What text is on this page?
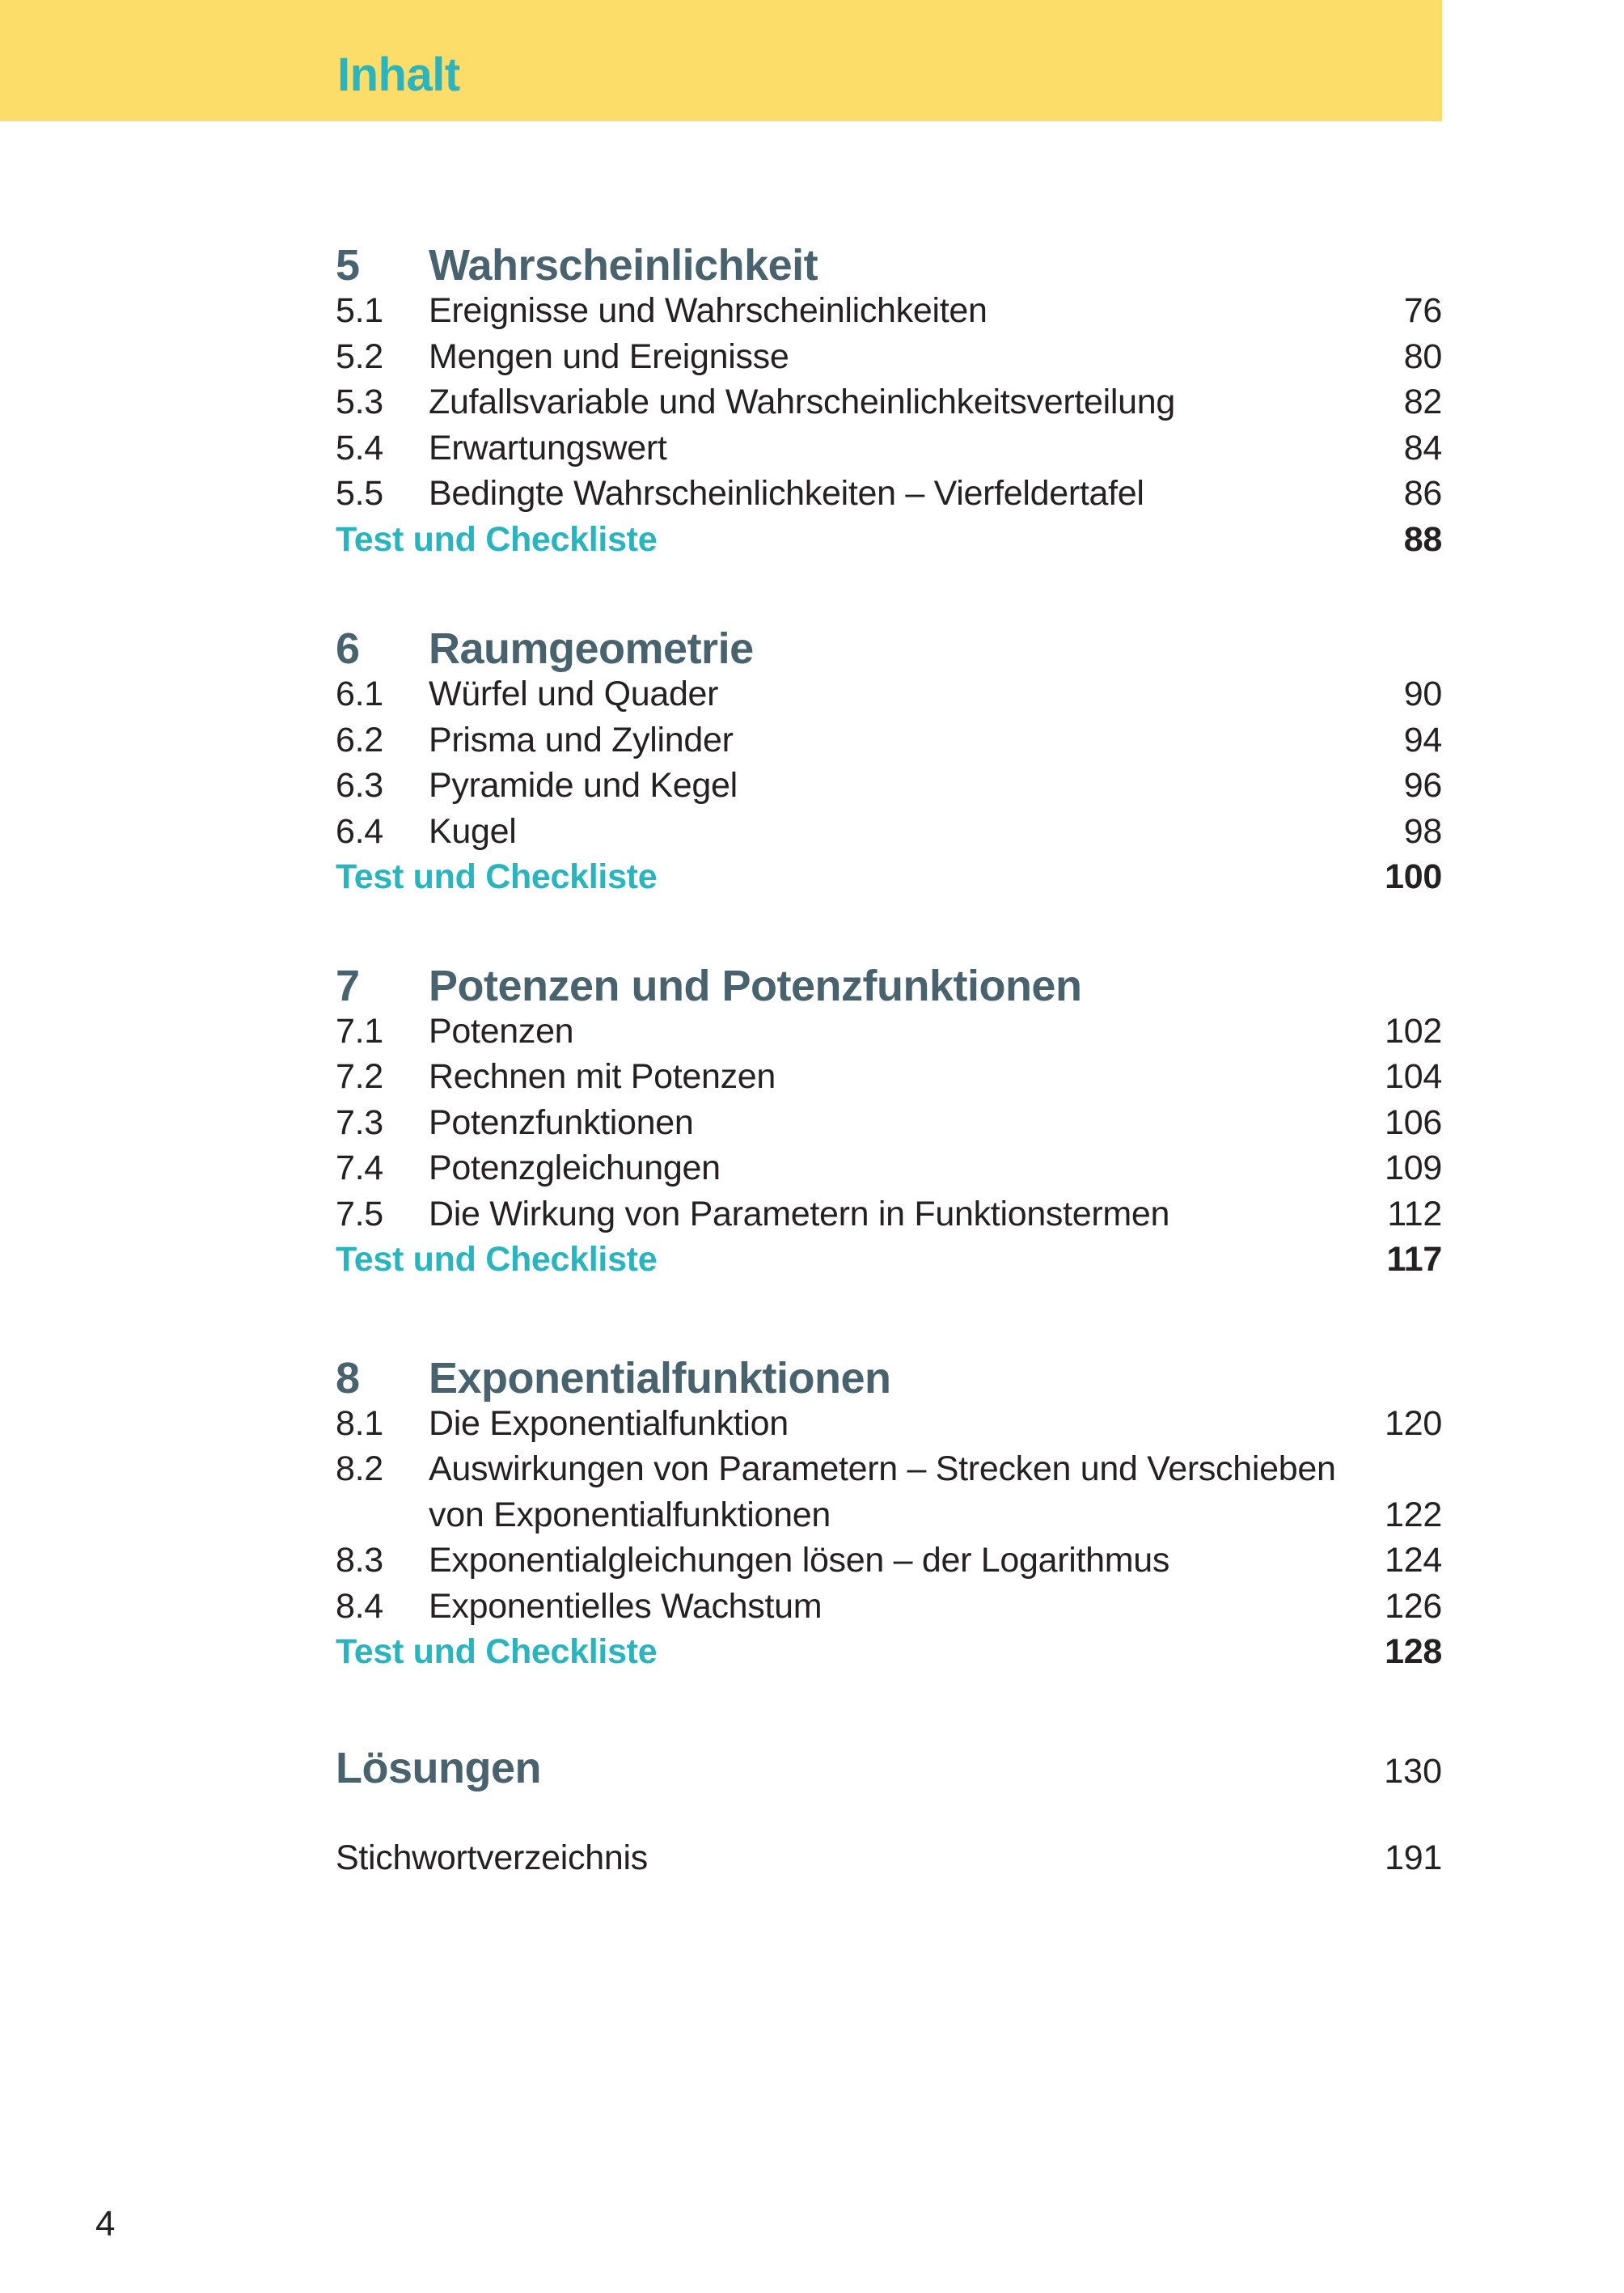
Inhalt
5	Wahrscheinlichkeit
5.1	Ereignisse und Wahrscheinlichkeiten	76
5.2	Mengen und Ereignisse	80
5.3	Zufallsvariable und Wahrscheinlichkeitsverteilung	82
5.4	Erwartungswert	84
5.5	Bedingte Wahrscheinlichkeiten – Vierfeldertafel	86
Test und Checkliste	88
6	Raumgeometrie
6.1	Würfel und Quader	90
6.2	Prisma und Zylinder	94
6.3	Pyramide und Kegel	96
6.4	Kugel	98
Test und Checkliste	100
7	Potenzen und Potenzfunktionen
7.1	Potenzen	102
7.2	Rechnen mit Potenzen	104
7.3	Potenzfunktionen	106
7.4	Potenzgleichungen	109
7.5	Die Wirkung von Parametern in Funktionstermen	112
Test und Checkliste	117
8	Exponentialfunktionen
8.1	Die Exponentialfunktion	120
8.2	Auswirkungen von Parametern – Strecken und Verschieben
von Exponentialfunktionen	122
8.3	Exponentialgleichungen lösen – der Logarithmus	124
8.4	Exponentielles Wachstum	126
Test und Checkliste	128
Lösungen	130
Stichwortverzeichnis	191
4
